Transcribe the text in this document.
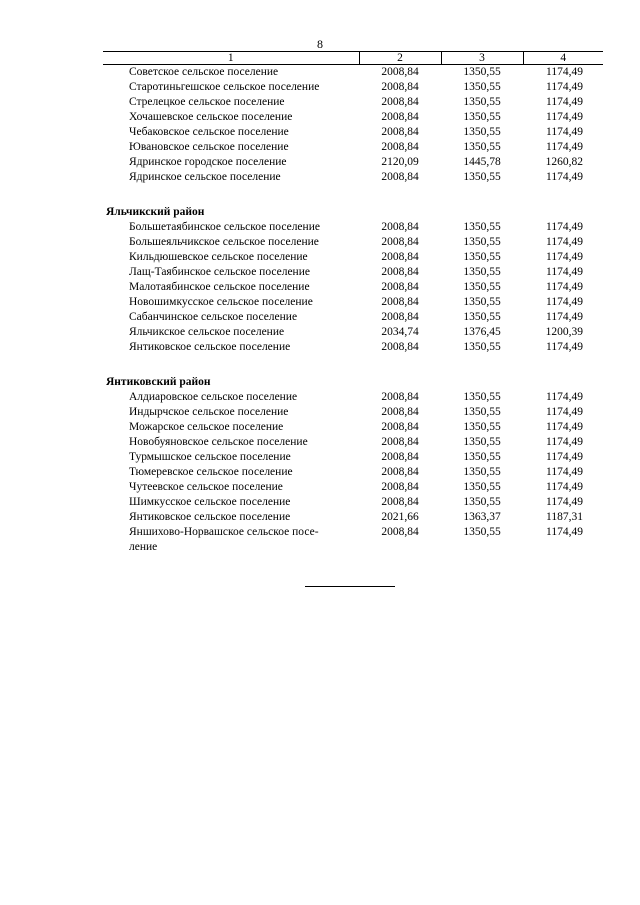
8
1	2	3	4
Советское сельское поселение	2008,84	1350,55	1174,49
Старотиньгешское сельское поселение	2008,84	1350,55	1174,49
Стрелецкое сельское поселение	2008,84	1350,55	1174,49
Хочашевское сельское поселение	2008,84	1350,55	1174,49
Чебаковское сельское поселение	2008,84	1350,55	1174,49
Ювановское сельское поселение	2008,84	1350,55	1174,49
Ядринское городское поселение	2120,09	1445,78	1260,82
Ядринское сельское поселение	2008,84	1350,55	1174,49

Яльчикский район			
Большетаябинское сельское поселение	2008,84	1350,55	1174,49
Большеяльчикское сельское поселение	2008,84	1350,55	1174,49
Кильдюшевское сельское поселение	2008,84	1350,55	1174,49
Лащ-Таябинское сельское поселение	2008,84	1350,55	1174,49
Малотаябинское сельское поселение	2008,84	1350,55	1174,49
Новошимкусское сельское поселение	2008,84	1350,55	1174,49
Сабанчинское сельское поселение	2008,84	1350,55	1174,49
Яльчикское сельское поселение	2034,74	1376,45	1200,39
Янтиковское сельское поселение	2008,84	1350,55	1174,49

Янтиковский район			
Алдиаровское сельское поселение	2008,84	1350,55	1174,49
Индырчское сельское поселение	2008,84	1350,55	1174,49
Можарское сельское поселение	2008,84	1350,55	1174,49
Новобуяновское сельское поселение	2008,84	1350,55	1174,49
Турмышское сельское поселение	2008,84	1350,55	1174,49
Тюмеревское сельское поселение	2008,84	1350,55	1174,49
Чутеевское сельское поселение	2008,84	1350,55	1174,49
Шимкусское сельское поселение	2008,84	1350,55	1174,49
Янтиковское сельское поселение	2021,66	1363,37	1187,31
Яншихово-Норвашское сельское посе-
ление	2008,84	1350,55	1174,49
